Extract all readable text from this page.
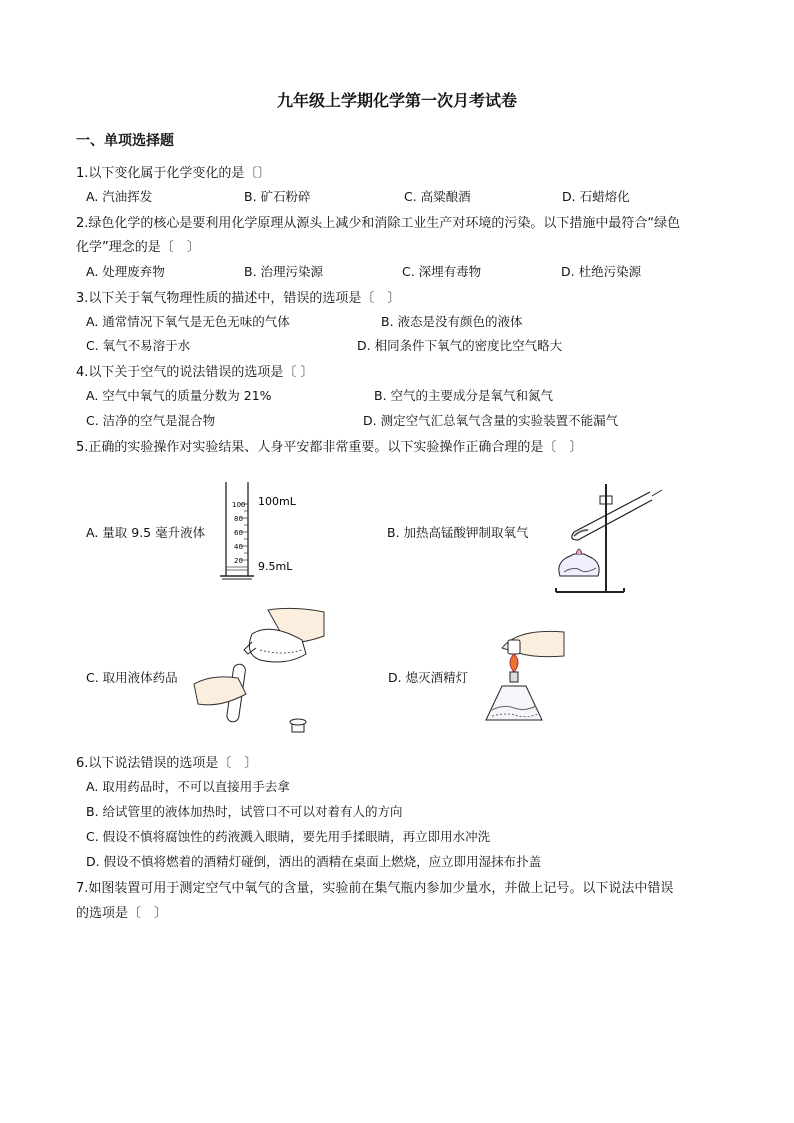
九年级上学期化学第一次月考试卷
一、单项选择题
1.以下变化属于化学变化的是〔〕
A. 汽油挥发	B. 矿石粉碎	C. 高粱酿酒	D. 石蜡熔化
2.绿色化学的核心是要利用化学原理从源头上减少和消除工业生产对环境的污染。以下措施中最符合“绿色
化学”理念的是〔　〕
A. 处理废弃物	B. 治理污染源	C. 深埋有毒物	D. 杜绝污染源
3.以下关于氧气物理性质的描述中，错误的选项是〔　〕
A. 通常情况下氧气是无色无味的气体	B. 液态是没有颜色的液体
C. 氧气不易溶于水	D. 相同条件下氧气的密度比空气略大
4.以下关于空气的说法错误的选项是〔 〕
A. 空气中氧气的质量分数为 21%	B. 空气的主要成分是氧气和氮气
C. 洁净的空气是混合物	D. 测定空气汇总氧气含量的实验装置不能漏气
5.正确的实验操作对实验结果、人身平安都非常重要。以下实验操作正确合理的是〔　〕
A. 量取 9.5 毫升液体
100
80
60
40
20
100mL
9.5mL
B. 加热高锰酸钾制取氧气
C. 取用液体药品	D. 熄灭酒精灯
6.以下说法错误的选项是〔　〕
A. 取用药品时，不可以直接用手去拿
B. 给试管里的液体加热时，试管口不可以对着有人的方向
C. 假设不慎将腐蚀性的药液溅入眼睛，要先用手揉眼睛，再立即用水冲洗
D. 假设不慎将燃着的酒精灯碰倒，洒出的酒精在桌面上燃烧，应立即用湿抹布扑盖
7.如图装置可用于测定空气中氧气的含量，实验前在集气瓶内参加少量水，并做上记号。以下说法中错误
的选项是〔　〕
